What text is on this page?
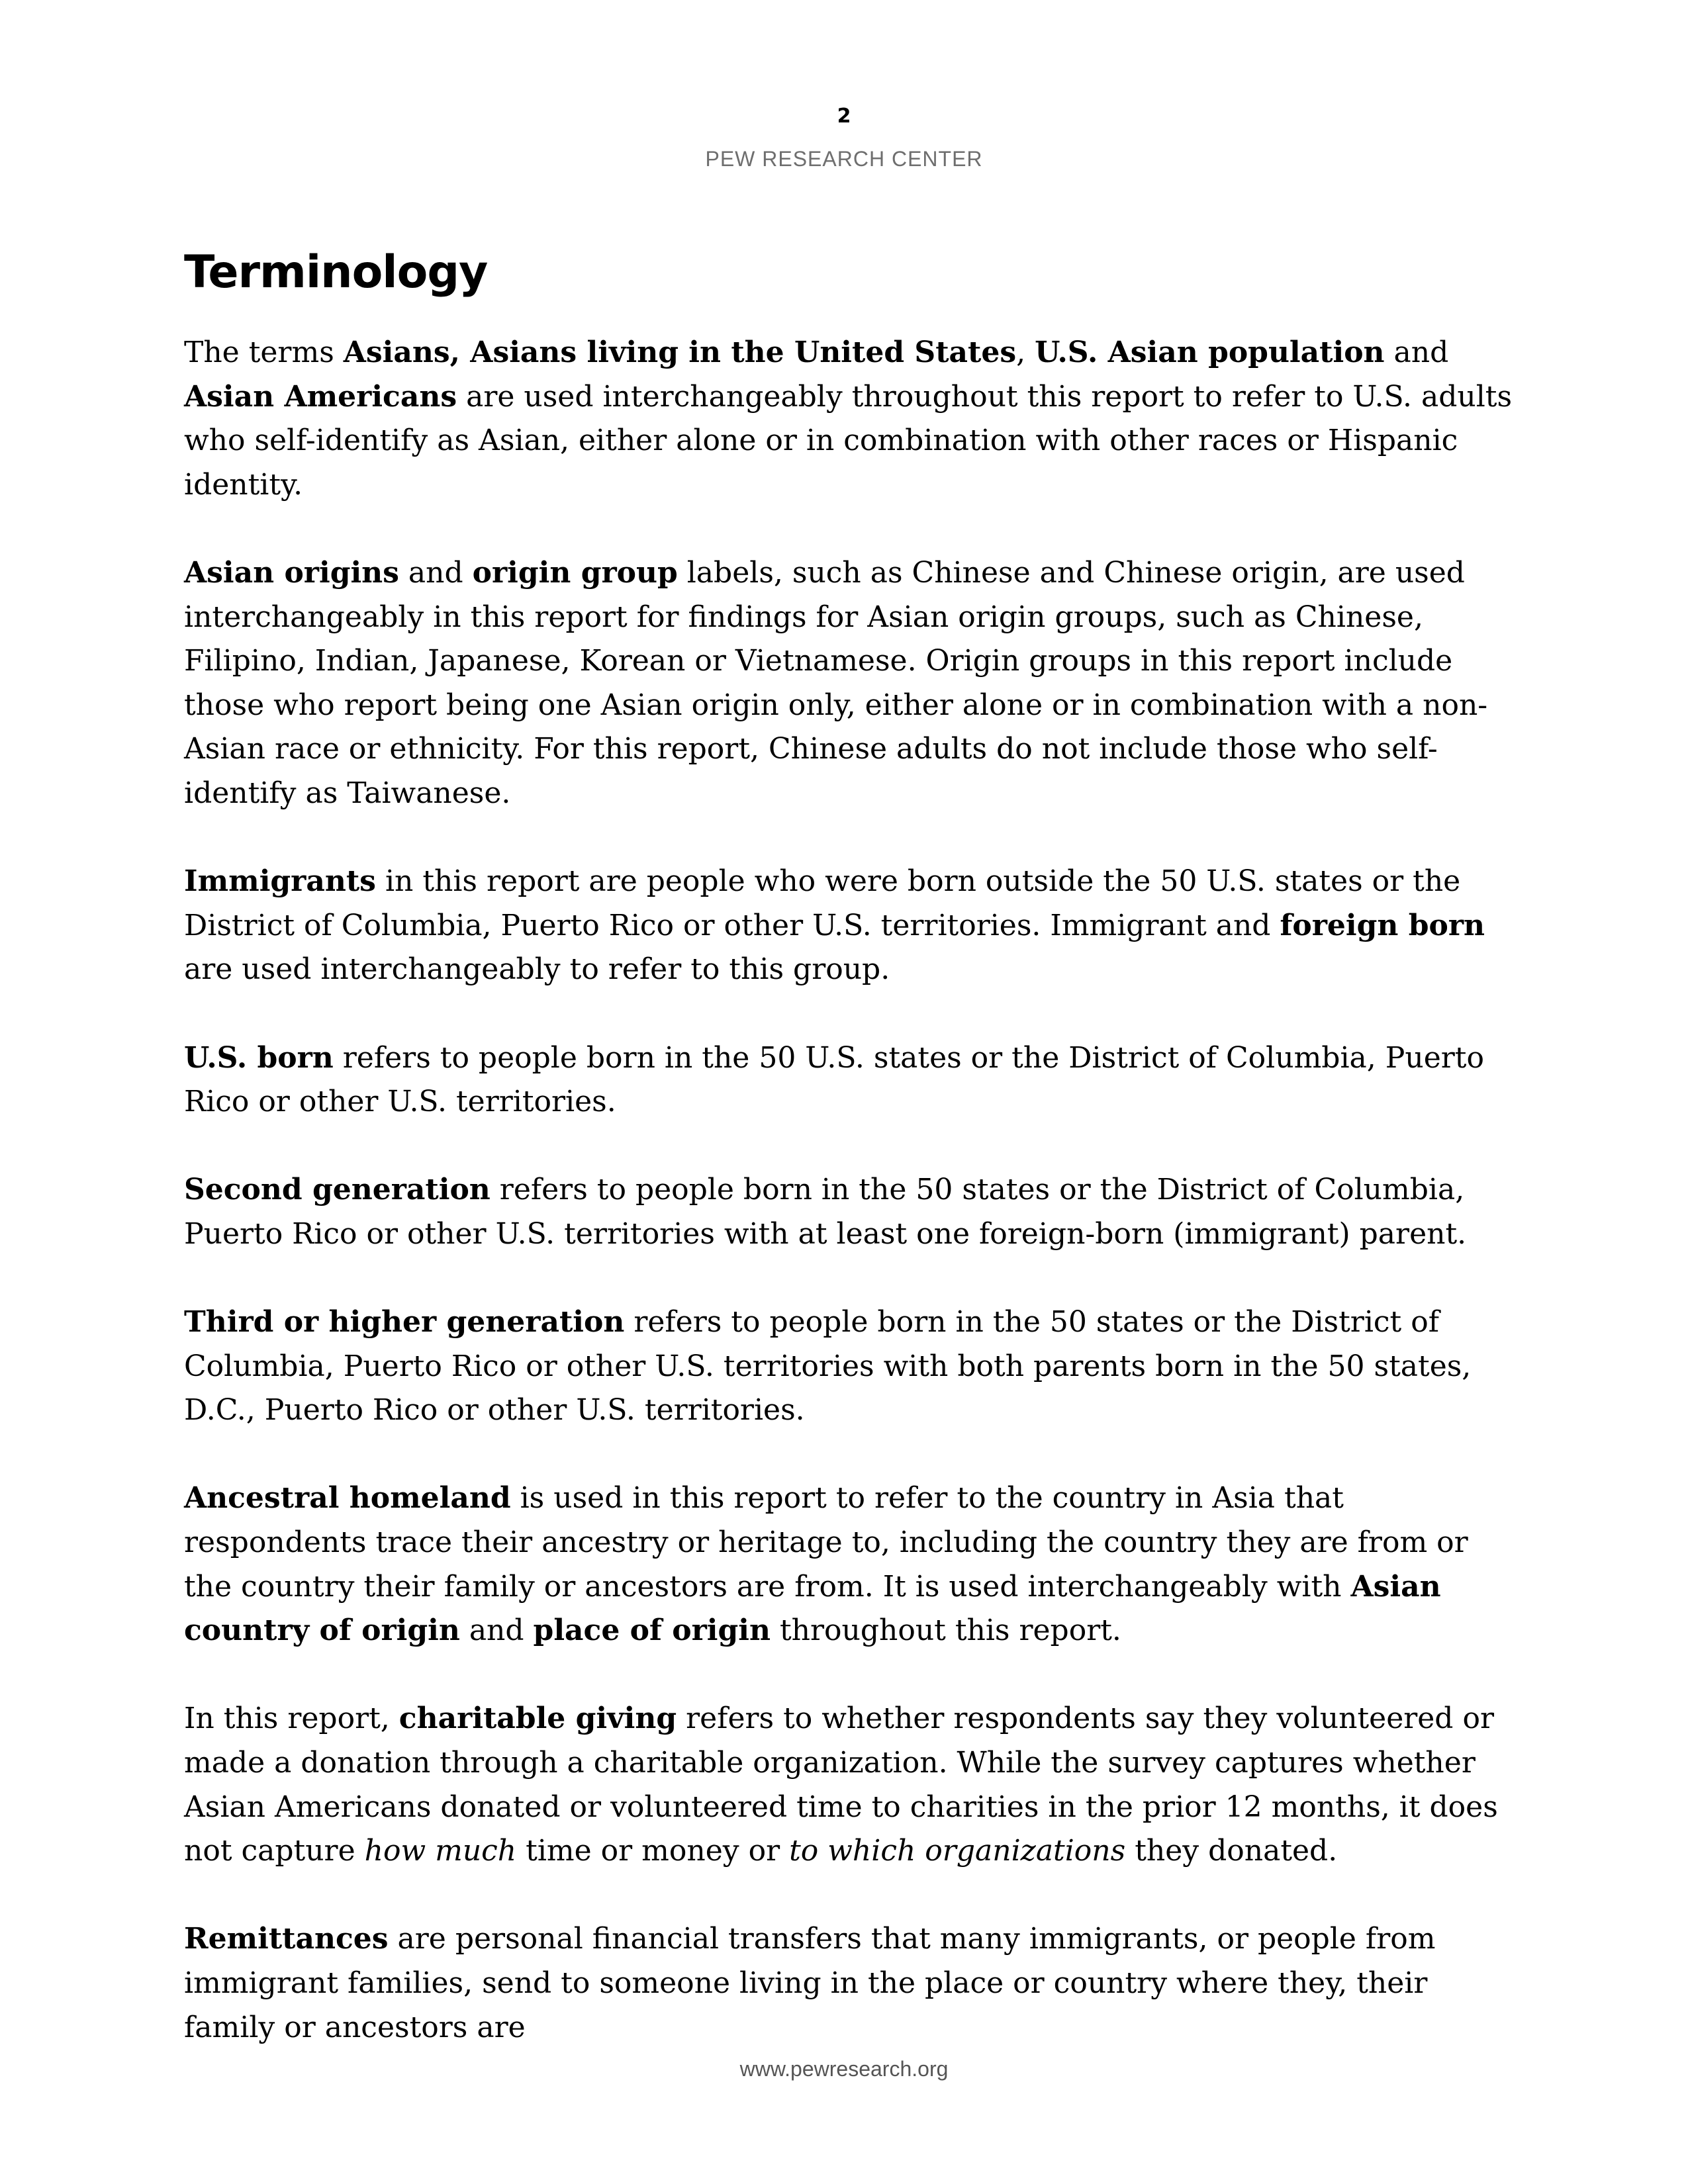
2
PEW RESEARCH CENTER
Terminology

The terms Asians, Asians living in the United States, U.S. Asian population and Asian Americans are used interchangeably throughout this report to refer to U.S. adults who self-identify as Asian, either alone or in combination with other races or Hispanic identity.

Asian origins and origin group labels, such as Chinese and Chinese origin, are used interchangeably in this report for findings for Asian origin groups, such as Chinese, Filipino, Indian, Japanese, Korean or Vietnamese. Origin groups in this report include those who report being one Asian origin only, either alone or in combination with a non-Asian race or ethnicity. For this report, Chinese adults do not include those who self-identify as Taiwanese.

Immigrants in this report are people who were born outside the 50 U.S. states or the District of Columbia, Puerto Rico or other U.S. territories. Immigrant and foreign born are used interchangeably to refer to this group.

U.S. born refers to people born in the 50 U.S. states or the District of Columbia, Puerto Rico or other U.S. territories.

Second generation refers to people born in the 50 states or the District of Columbia, Puerto Rico or other U.S. territories with at least one foreign-born (immigrant) parent.

Third or higher generation refers to people born in the 50 states or the District of Columbia, Puerto Rico or other U.S. territories with both parents born in the 50 states, D.C., Puerto Rico or other U.S. territories.

Ancestral homeland is used in this report to refer to the country in Asia that respondents trace their ancestry or heritage to, including the country they are from or the country their family or ancestors are from. It is used interchangeably with Asian country of origin and place of origin throughout this report.

In this report, charitable giving refers to whether respondents say they volunteered or made a donation through a charitable organization. While the survey captures whether Asian Americans donated or volunteered time to charities in the prior 12 months, it does not capture how much time or money or to which organizations they donated.

Remittances are personal financial transfers that many immigrants, or people from immigrant families, send to someone living in the place or country where they, their family or ancestors are

www.pewresearch.org
